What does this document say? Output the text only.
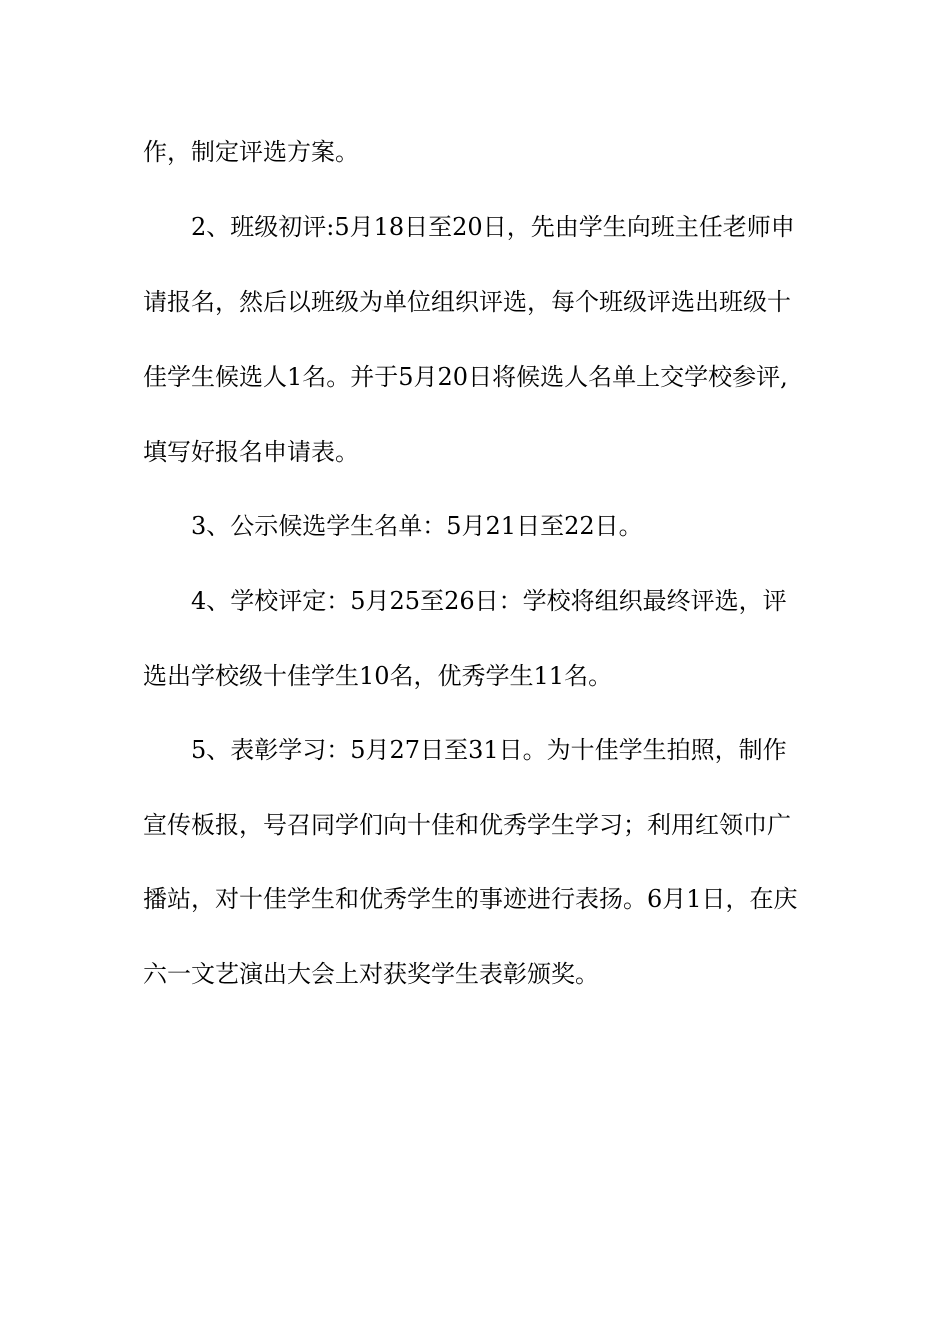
作，制定评选方案。
2、班级初评:5月18日至20日，先由学生向班主任老师申
请报名，然后以班级为单位组织评选，每个班级评选出班级十
佳学生候选人1名。并于5月20日将候选人名单上交学校参评,
填写好报名申请表。
3、公示候选学生名单：5月21日至22日。
4、学校评定：5月25至26日：学校将组织最终评选，评
选出学校级十佳学生10名，优秀学生11名。
5、表彰学习：5月27日至31日。为十佳学生拍照，制作
宣传板报，号召同学们向十佳和优秀学生学习；利用红领巾广
播站，对十佳学生和优秀学生的事迹进行表扬。6月1日，在庆
六一文艺演出大会上对获奖学生表彰颁奖。
